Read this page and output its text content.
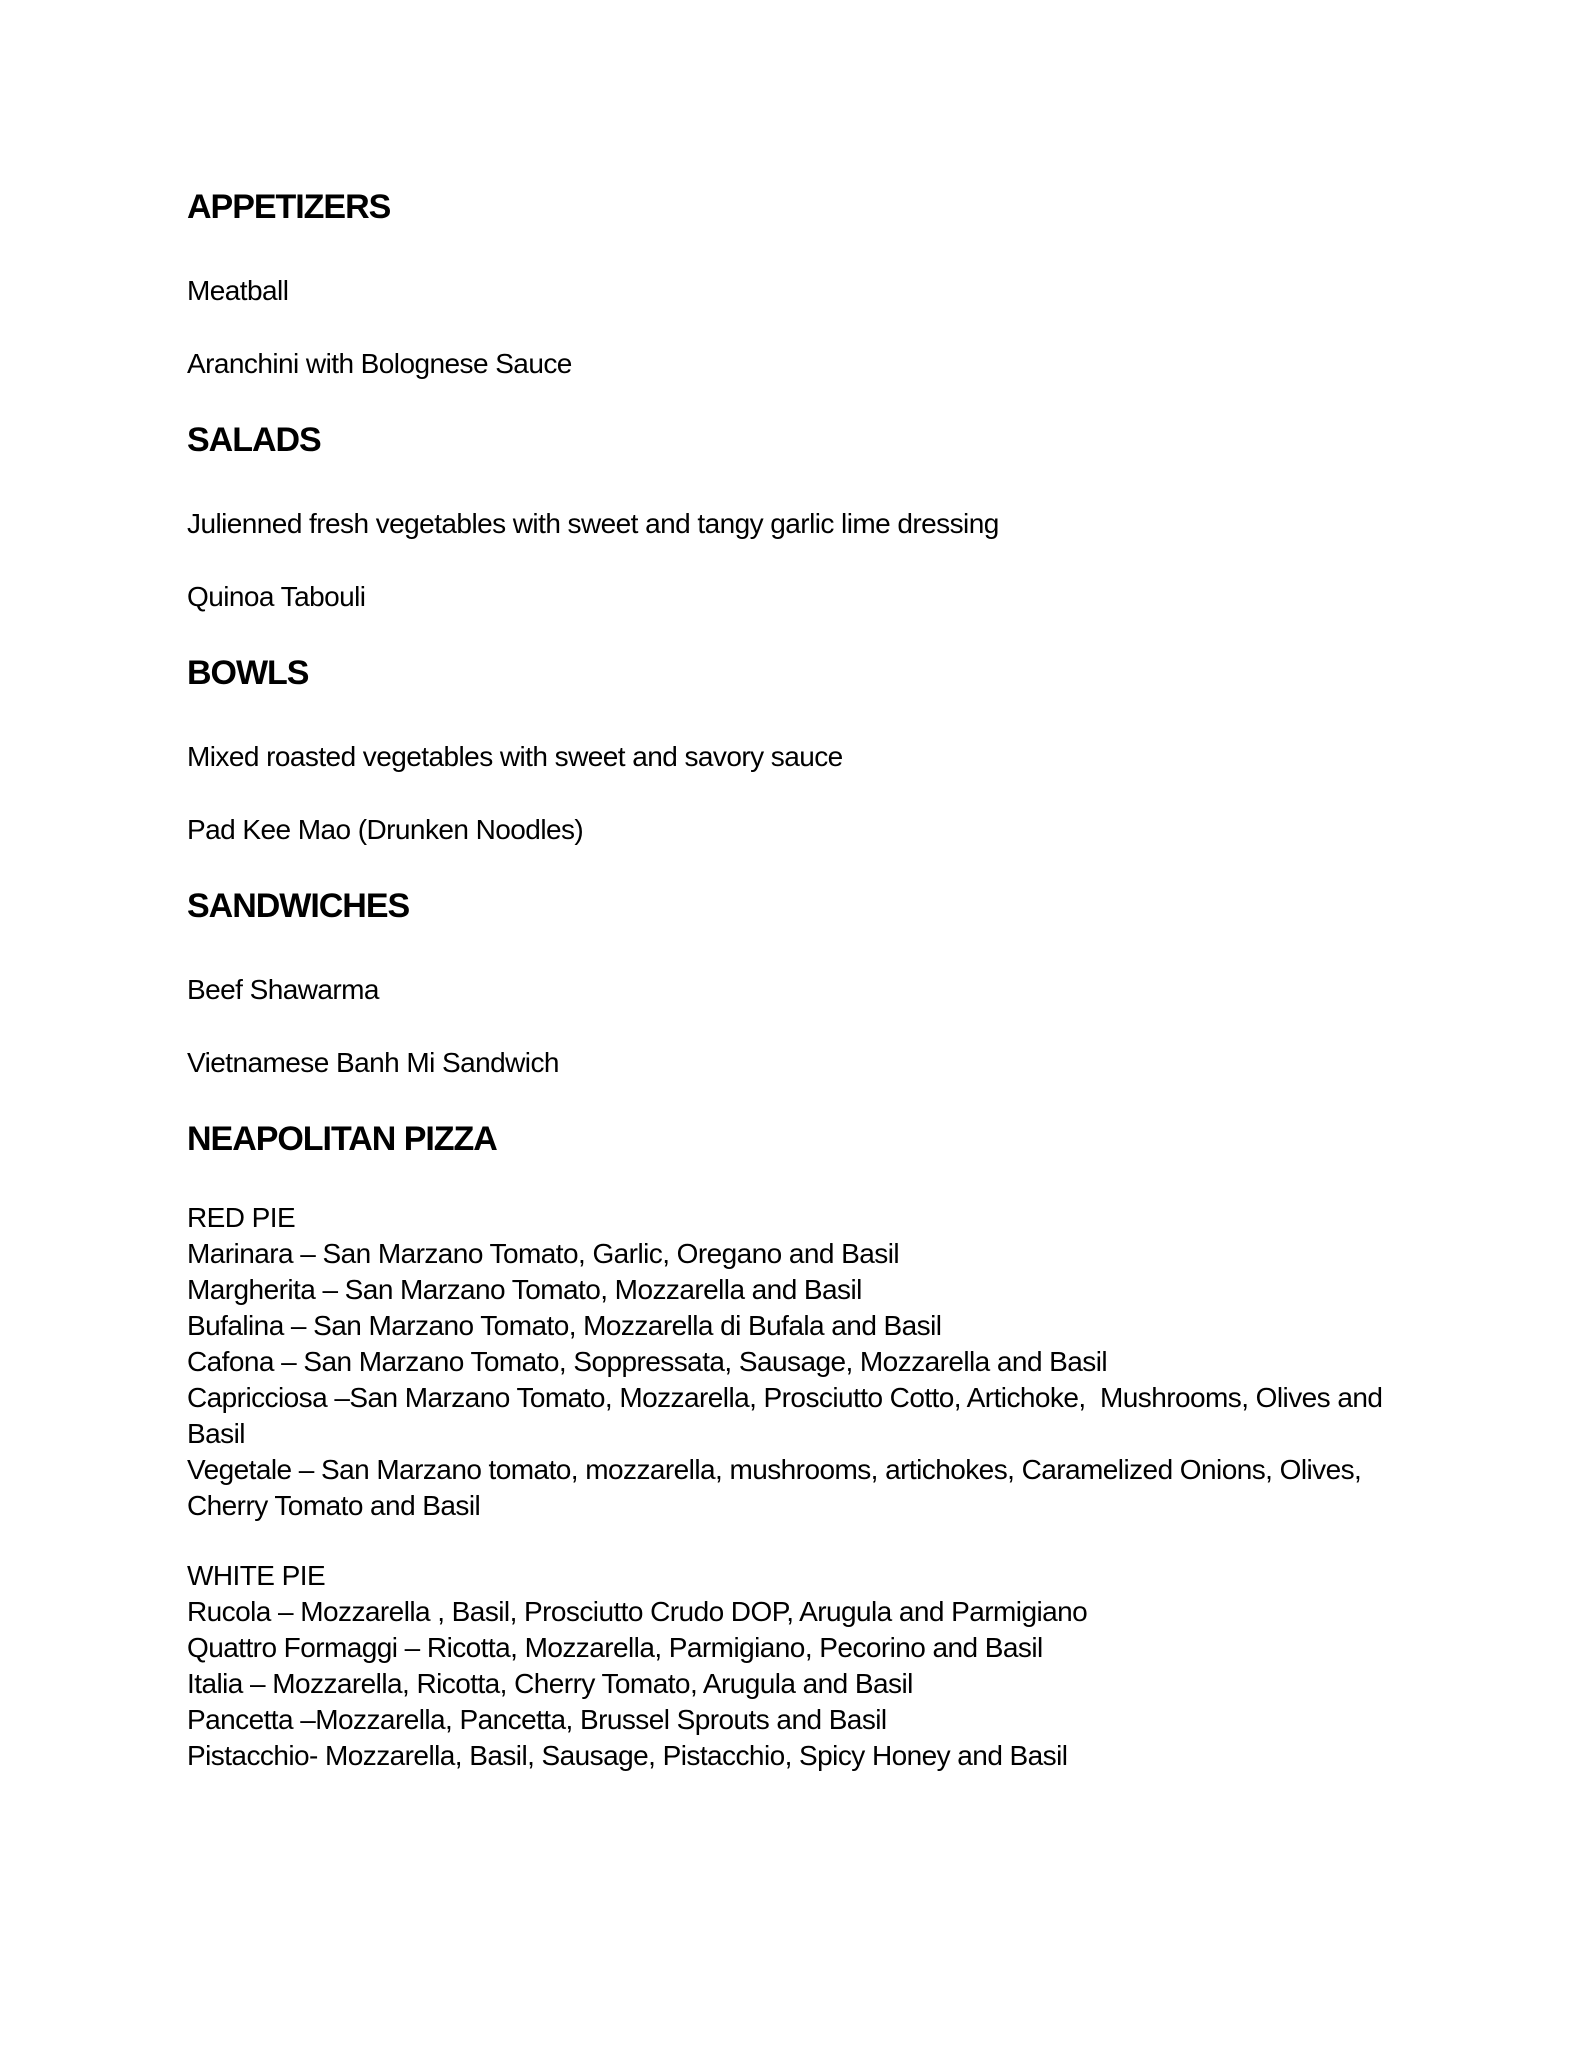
APPETIZERS

Meatball

Aranchini with Bolognese Sauce

SALADS

Julienned fresh vegetables with sweet and tangy garlic lime dressing

Quinoa Tabouli

BOWLS

Mixed roasted vegetables with sweet and savory sauce

Pad Kee Mao (Drunken Noodles)

SANDWICHES

Beef Shawarma

Vietnamese Banh Mi Sandwich

NEAPOLITAN PIZZA

RED PIE

Marinara – San Marzano Tomato, Garlic, Oregano and Basil

Margherita – San Marzano Tomato, Mozzarella and Basil

Bufalina – San Marzano Tomato, Mozzarella di Bufala and Basil

Cafona – San Marzano Tomato, Soppressata, Sausage, Mozzarella and Basil

Capricciosa –San Marzano Tomato, Mozzarella, Prosciutto Cotto, Artichoke,  Mushrooms, Olives and Basil

Vegetale – San Marzano tomato, mozzarella, mushrooms, artichokes, Caramelized Onions, Olives, Cherry Tomato and Basil

WHITE PIE

Rucola – Mozzarella , Basil, Prosciutto Crudo DOP, Arugula and Parmigiano

Quattro Formaggi – Ricotta, Mozzarella, Parmigiano, Pecorino and Basil

Italia – Mozzarella, Ricotta, Cherry Tomato, Arugula and Basil

Pancetta –Mozzarella, Pancetta, Brussel Sprouts and Basil

Pistacchio- Mozzarella, Basil, Sausage, Pistacchio, Spicy Honey and Basil
